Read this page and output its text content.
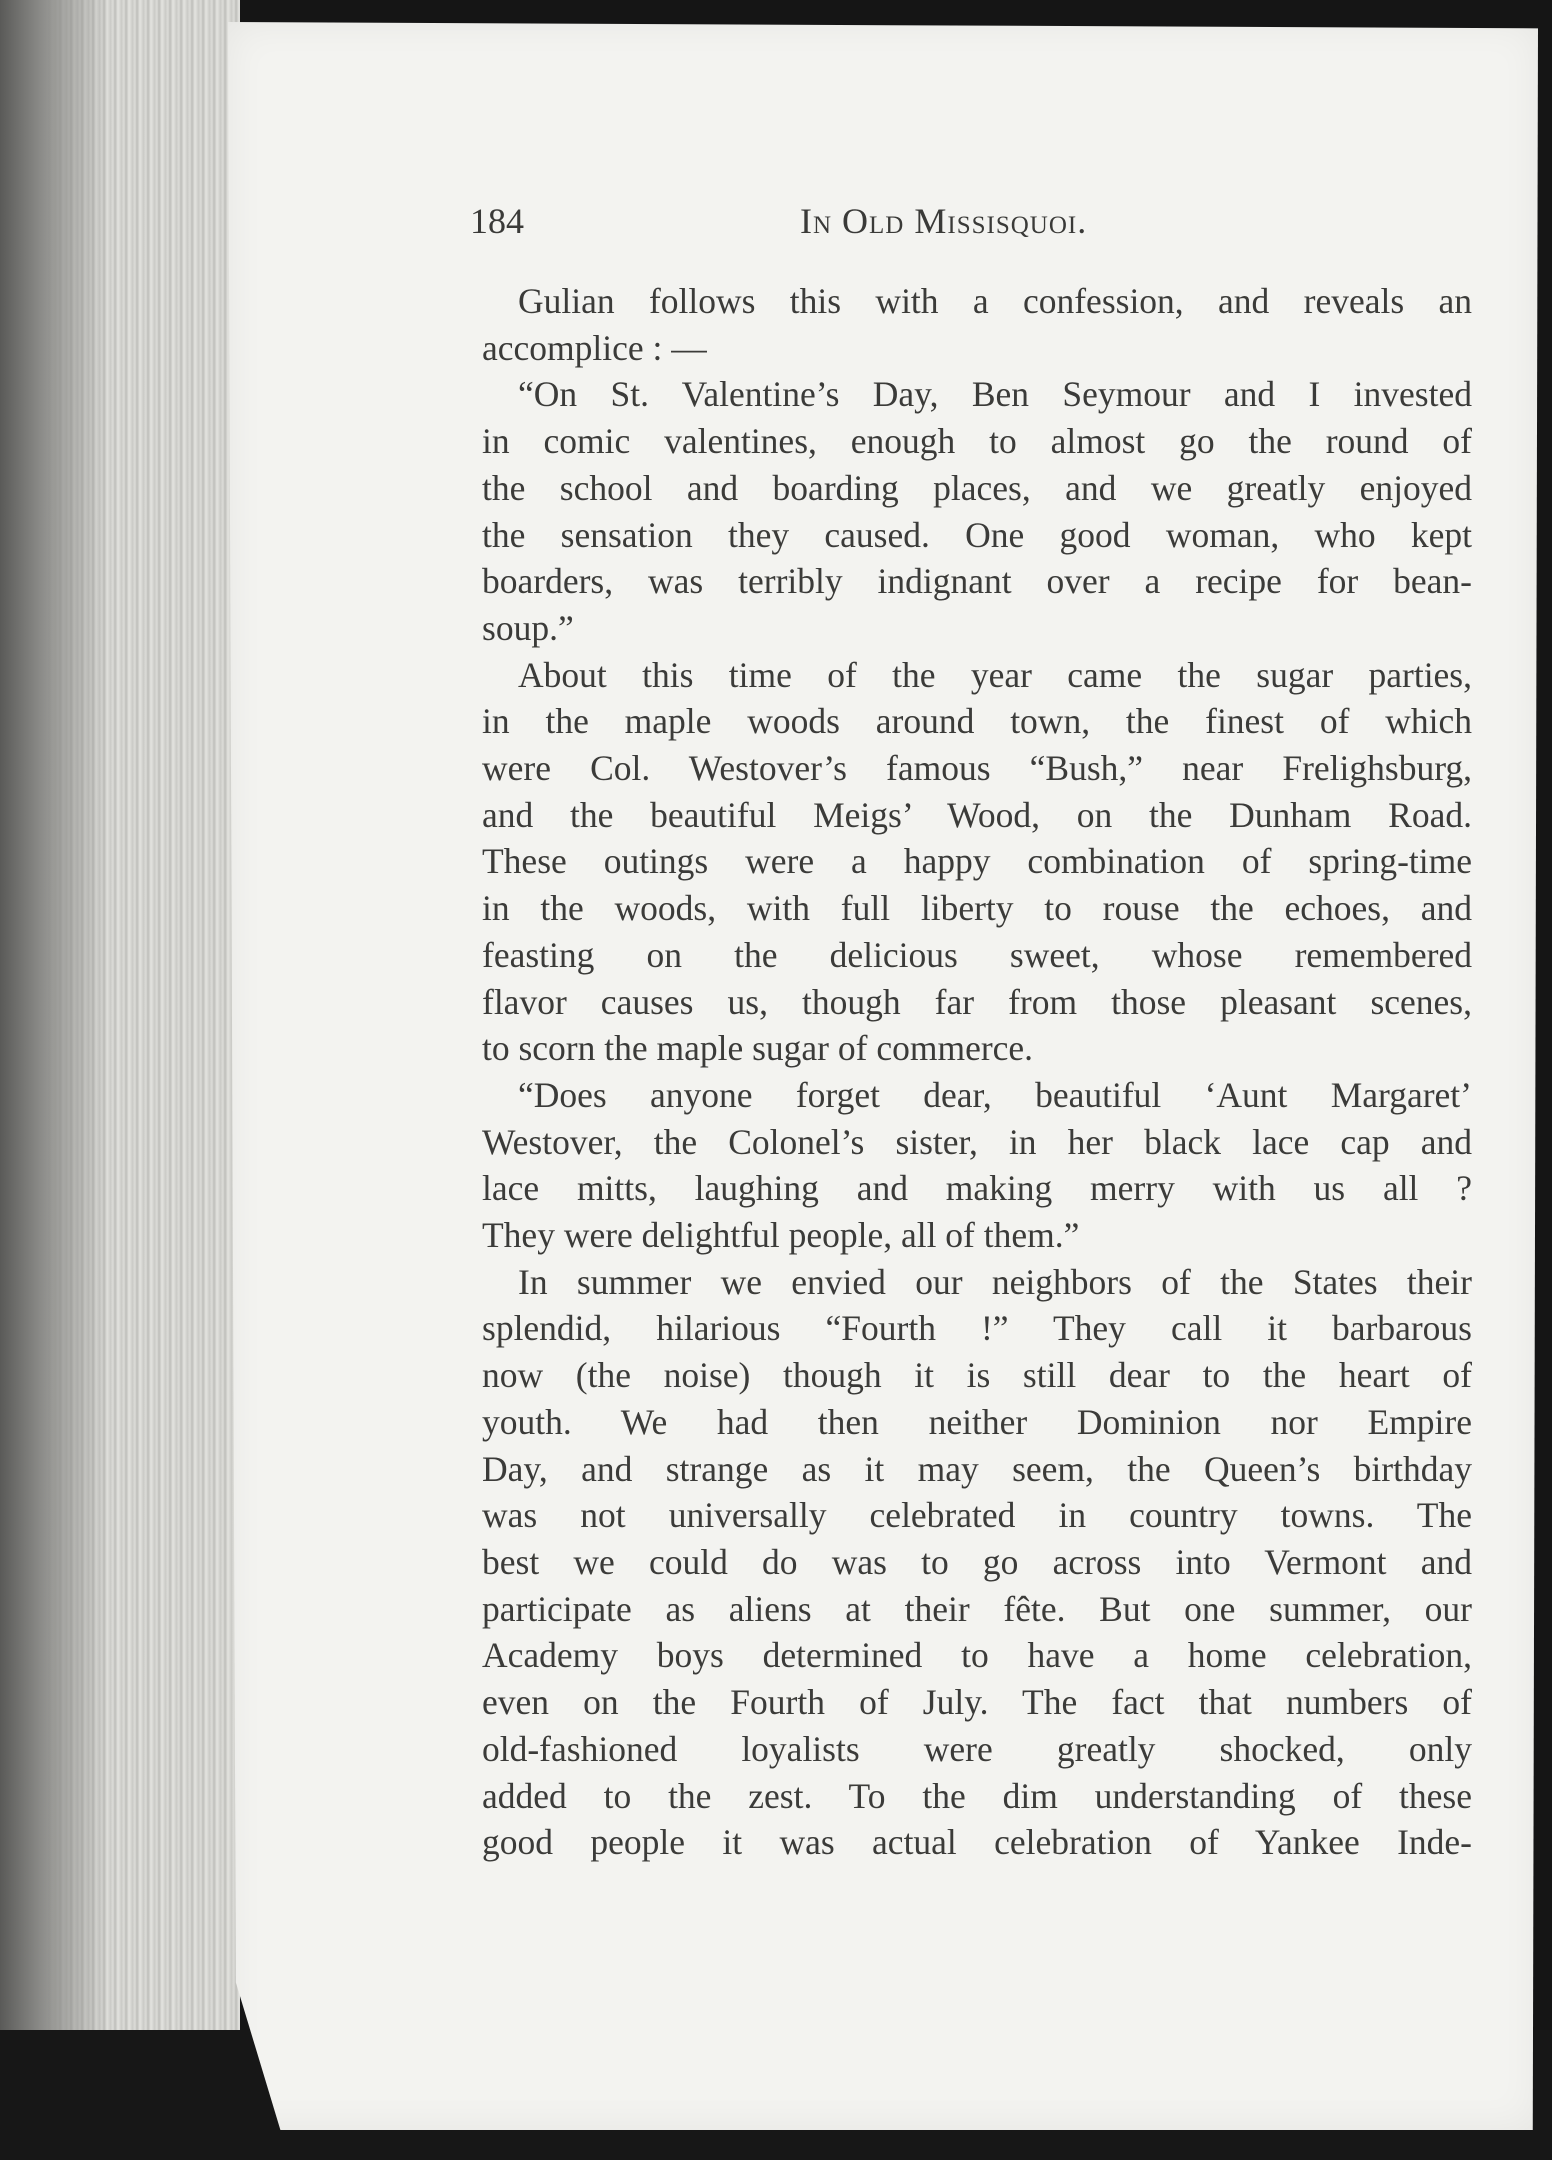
184	In Old Missisquoi.
Gulian follows this with a confession, and reveals an
accomplice : —
“On St. Valentine’s Day, Ben Seymour and I invested
in comic valentines, enough to almost go the round of
the school and boarding places, and we greatly enjoyed
the sensation they caused. One good woman, who kept
boarders, was terribly indignant over a recipe for bean-
soup.”
About this time of the year came the sugar parties,
in the maple woods around town, the finest of which
were Col. Westover’s famous “Bush,” near Frelighsburg,
and the beautiful Meigs’ Wood, on the Dunham Road.
These outings were a happy combination of spring-time
in the woods, with full liberty to rouse the echoes, and
feasting on the delicious sweet, whose remembered
flavor causes us, though far from those pleasant scenes,
to scorn the maple sugar of commerce.
“Does anyone forget dear, beautiful ‘Aunt Margaret’
Westover, the Colonel’s sister, in her black lace cap and
lace mitts, laughing and making merry with us all ?
They were delightful people, all of them.”
In summer we envied our neighbors of the States their
splendid, hilarious “Fourth !” They call it barbarous
now (the noise) though it is still dear to the heart of
youth. We had then neither Dominion nor Empire
Day, and strange as it may seem, the Queen’s birthday
was not universally celebrated in country towns. The
best we could do was to go across into Vermont and
participate as aliens at their fête. But one summer, our
Academy boys determined to have a home celebration,
even on the Fourth of July. The fact that numbers of
old-fashioned loyalists were greatly shocked, only
added to the zest. To the dim understanding of these
good people it was actual celebration of Yankee Inde-
